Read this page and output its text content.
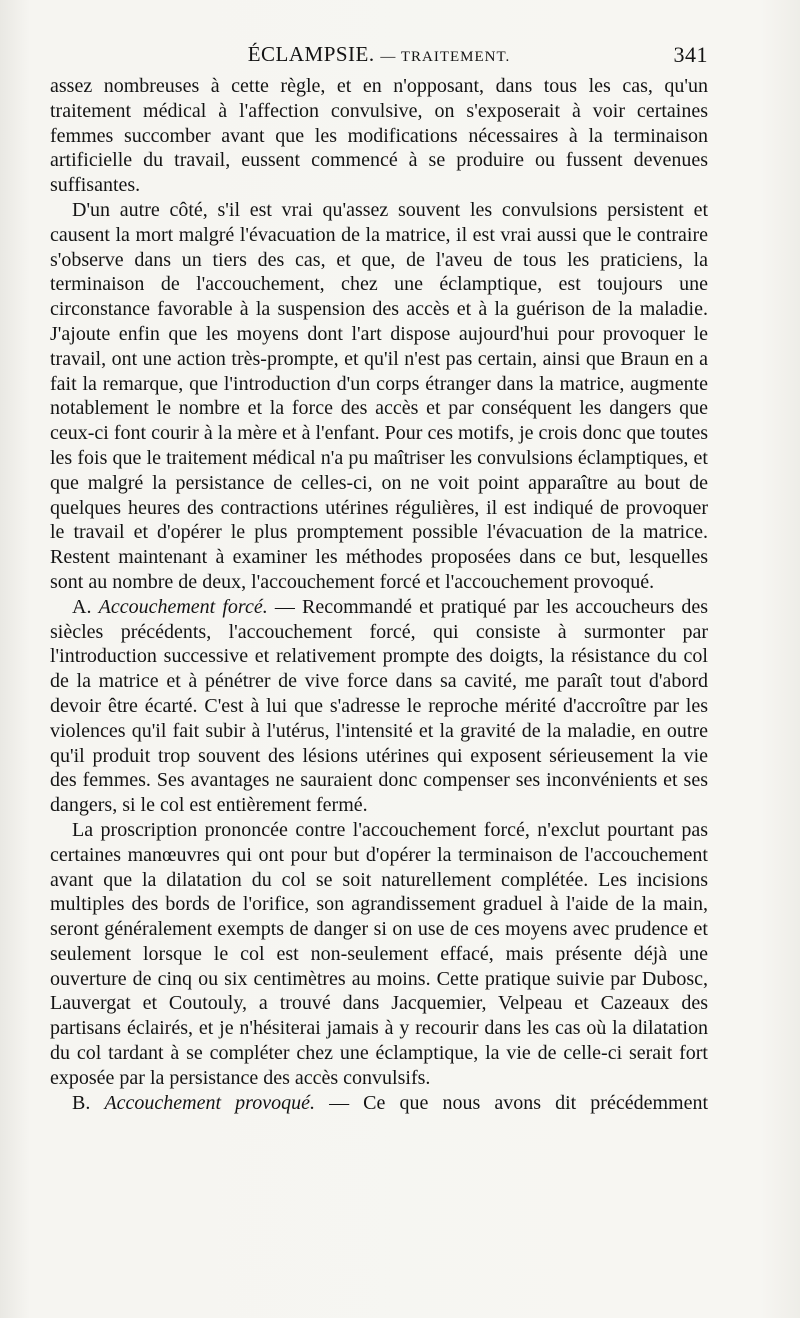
ÉCLAMPSIE. — TRAITEMENT.	341

assez nombreuses à cette règle, et en n'opposant, dans tous les cas, qu'un traitement médical à l'affection convulsive, on s'exposerait à voir certaines femmes succomber avant que les modifications nécessaires à la terminaison artificielle du travail, eussent commencé à se produire ou fussent devenues suffisantes.

D'un autre côté, s'il est vrai qu'assez souvent les convulsions persistent et causent la mort malgré l'évacuation de la matrice, il est vrai aussi que le contraire s'observe dans un tiers des cas, et que, de l'aveu de tous les praticiens, la terminaison de l'accouchement, chez une éclamptique, est toujours une circonstance favorable à la suspension des accès et à la guérison de la maladie. J'ajoute enfin que les moyens dont l'art dispose aujourd'hui pour provoquer le travail, ont une action très-prompte, et qu'il n'est pas certain, ainsi que Braun en a fait la remarque, que l'introduction d'un corps étranger dans la matrice, augmente notablement le nombre et la force des accès et par conséquent les dangers que ceux-ci font courir à la mère et à l'enfant. Pour ces motifs, je crois donc que toutes les fois que le traitement médical n'a pu maîtriser les convulsions éclamptiques, et que malgré la persistance de celles-ci, on ne voit point apparaître au bout de quelques heures des contractions utérines régulières, il est indiqué de provoquer le travail et d'opérer le plus promptement possible l'évacuation de la matrice. Restent maintenant à examiner les méthodes proposées dans ce but, lesquelles sont au nombre de deux, l'accouchement forcé et l'accouchement provoqué.

A. Accouchement forcé. — Recommandé et pratiqué par les accoucheurs des siècles précédents, l'accouchement forcé, qui consiste à surmonter par l'introduction successive et relativement prompte des doigts, la résistance du col de la matrice et à pénétrer de vive force dans sa cavité, me paraît tout d'abord devoir être écarté. C'est à lui que s'adresse le reproche mérité d'accroître par les violences qu'il fait subir à l'utérus, l'intensité et la gravité de la maladie, en outre qu'il produit trop souvent des lésions utérines qui exposent sérieusement la vie des femmes. Ses avantages ne sauraient donc compenser ses inconvénients et ses dangers, si le col est entièrement fermé.

La proscription prononcée contre l'accouchement forcé, n'exclut pourtant pas certaines manœuvres qui ont pour but d'opérer la terminaison de l'accouchement avant que la dilatation du col se soit naturellement complétée. Les incisions multiples des bords de l'orifice, son agrandissement graduel à l'aide de la main, seront généralement exempts de danger si on use de ces moyens avec prudence et seulement lorsque le col est non-seulement effacé, mais présente déjà une ouverture de cinq ou six centimètres au moins. Cette pratique suivie par Dubosc, Lauvergat et Coutouly, a trouvé dans Jacquemier, Velpeau et Cazeaux des partisans éclairés, et je n'hésiterai jamais à y recourir dans les cas où la dilatation du col tardant à se compléter chez une éclamptique, la vie de celle-ci serait fort exposée par la persistance des accès convulsifs.

B. Accouchement provoqué. — Ce que nous avons dit précédemment
